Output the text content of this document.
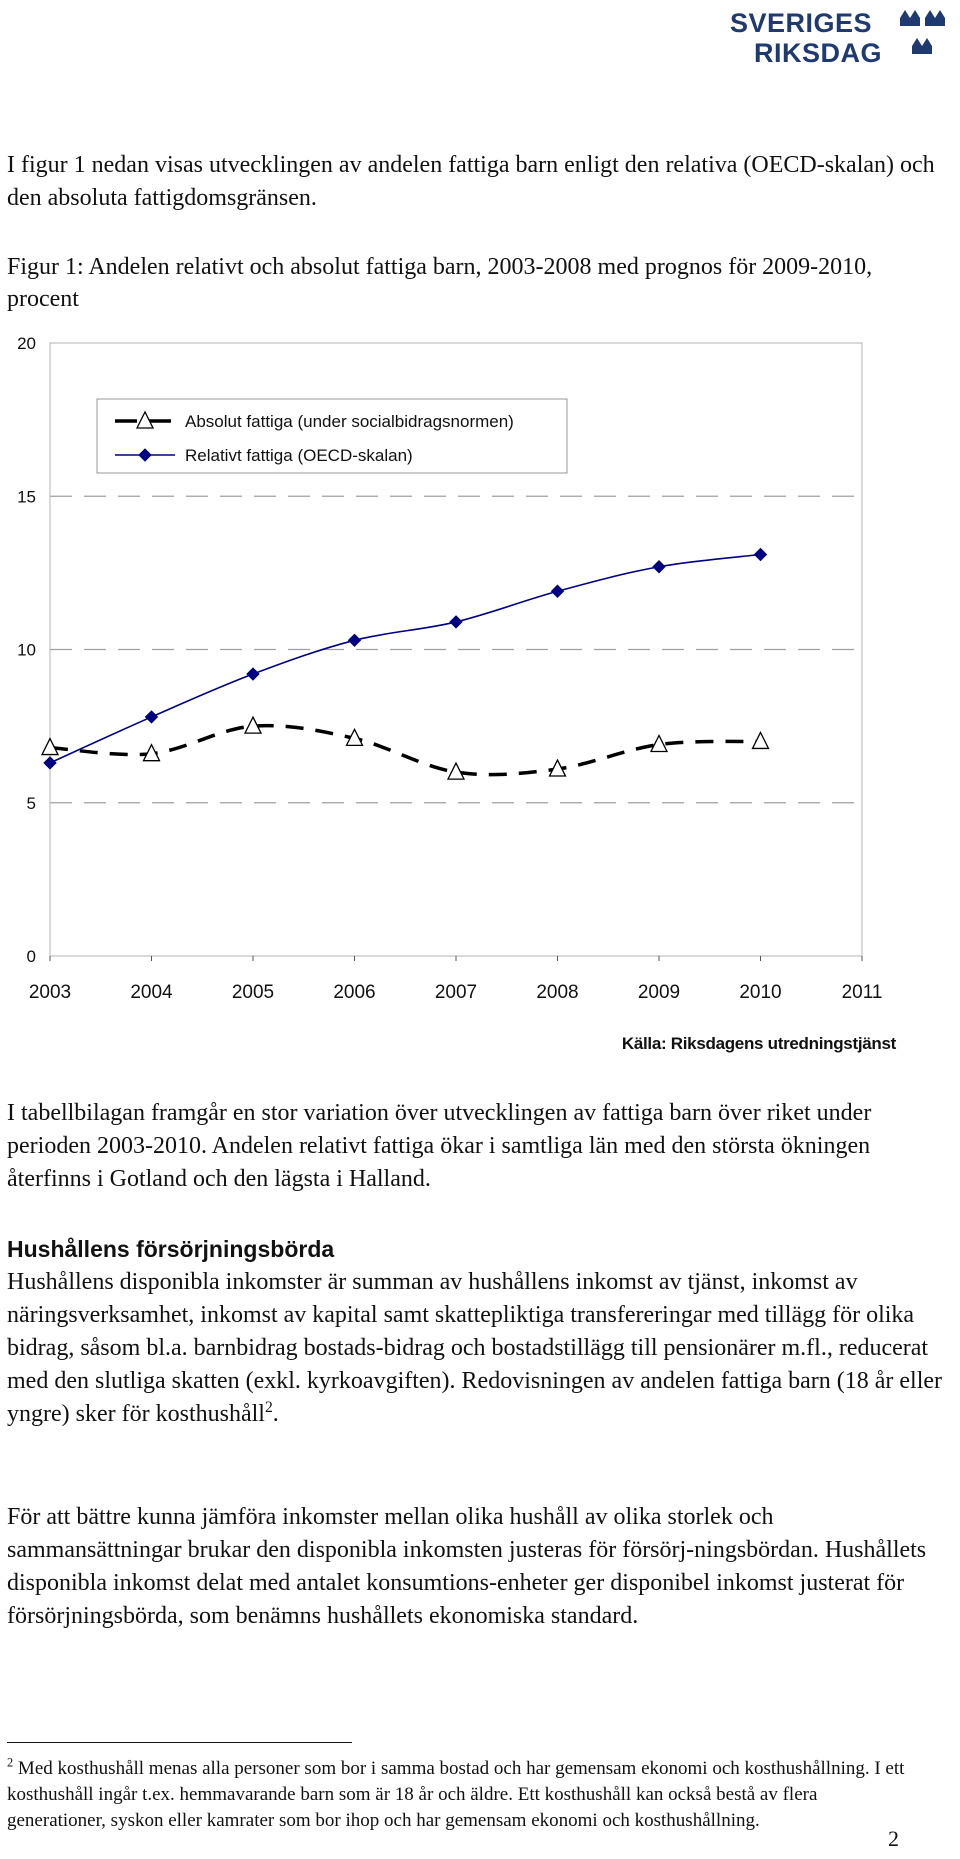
SVERIGES
RIKSDAG

I figur 1 nedan visas utvecklingen av andelen fattiga barn enligt den relativa (OECD-skalan) och den absoluta fattigdomsgränsen.

Figur 1: Andelen relativt och absolut fattiga barn, 2003-2008 med prognos för 2009-2010, procent
0
5
10
15
20
2003	2004	2005	2006	2007	2008	2009	2010	2011
Absolut fattiga (under socialbidragsnormen)
Relativt fattiga (OECD-skalan)
Källa: Riksdagens utredningstjänst

I tabellbilagan framgår en stor variation över utvecklingen av fattiga barn över riket under perioden 2003-2010. Andelen relativt fattiga ökar i samtliga län med den största ökningen återfinns i Gotland och den lägsta i Halland.

Hushållens försörjningsbörda

Hushållens disponibla inkomster är summan av hushållens inkomst av tjänst, inkomst av näringsverksamhet, inkomst av kapital samt skattepliktiga transfereringar med tillägg för olika bidrag, såsom bl.a. barnbidrag bostads-bidrag och bostadstillägg till pensionärer m.fl., reducerat med den slutliga skatten (exkl. kyrkoavgiften). Redovisningen av andelen fattiga barn (18 år eller yngre) sker för kosthushåll$^2$.

För att bättre kunna jämföra inkomster mellan olika hushåll av olika storlek och sammansättningar brukar den disponibla inkomsten justeras för försörj-ningsbördan. Hushållets disponibla inkomst delat med antalet konsumtions-enheter ger disponibel inkomst justerat för försörjningsbörda, som benämns hushållets ekonomiska standard.

$^2$ Med kosthushåll menas alla personer som bor i samma bostad och har gemensam ekonomi och kosthushållning. I ett kosthushåll ingår t.ex. hemmavarande barn som är 18 år och äldre. Ett kosthushåll kan också bestå av flera generationer, syskon eller kamrater som bor ihop och har gemensam ekonomi och kosthushållning.
2
